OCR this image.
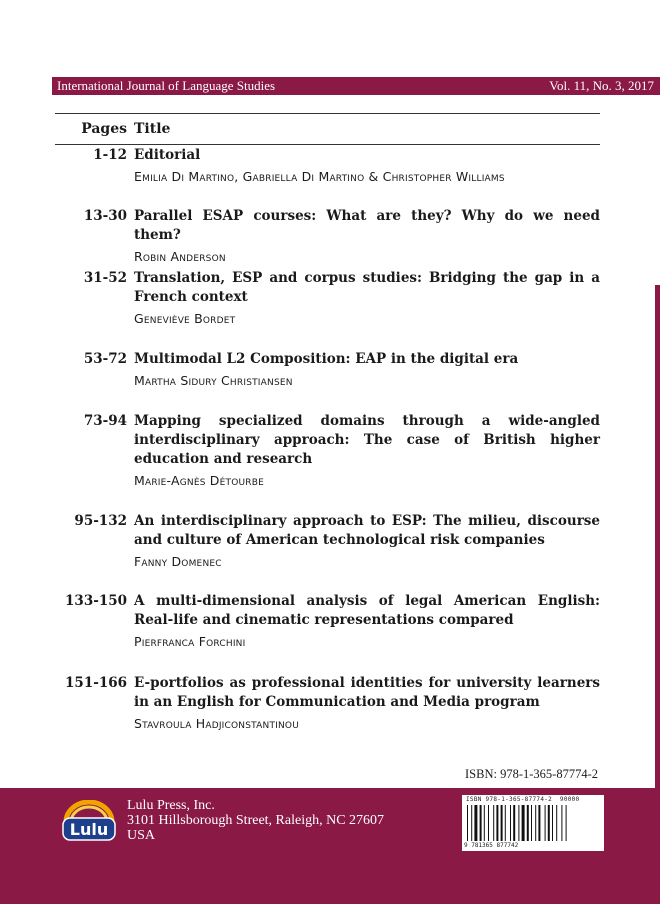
International Journal of Language Studies	Vol. 11, No. 3, 2017
Pages Title
1-12 Editorial
Emilia Di Martino, Gabriella Di Martino & Christopher Williams
13-30 Parallel ESAP courses: What are they? Why do we need them?
Robin Anderson
31-52 Translation, ESP and corpus studies: Bridging the gap in a French context
Geneviève Bordet
53-72 Multimodal L2 Composition: EAP in the digital era
Martha Sidury Christiansen
73-94 Mapping specialized domains through a wide-angled interdisciplinary approach: The case of British higher education and research
Marie-Agnès Détourbe
95-132 An interdisciplinary approach to ESP: The milieu, discourse and culture of American technological risk companies
Fanny Domenec
133-150 A multi-dimensional analysis of legal American English: Real-life and cinematic representations compared
Pierfranca Forchini
151-166 E-portfolios as professional identities for university learners in an English for Communication and Media program
Stavroula Hadjiconstantinou
ISBN: 978-1-365-87774-2
Lulu
Lulu Press, Inc.
3101 Hillsborough Street, Raleigh, NC 27607
USA
ISBN 978-1-365-87774-2 90000
9 781365 877742
